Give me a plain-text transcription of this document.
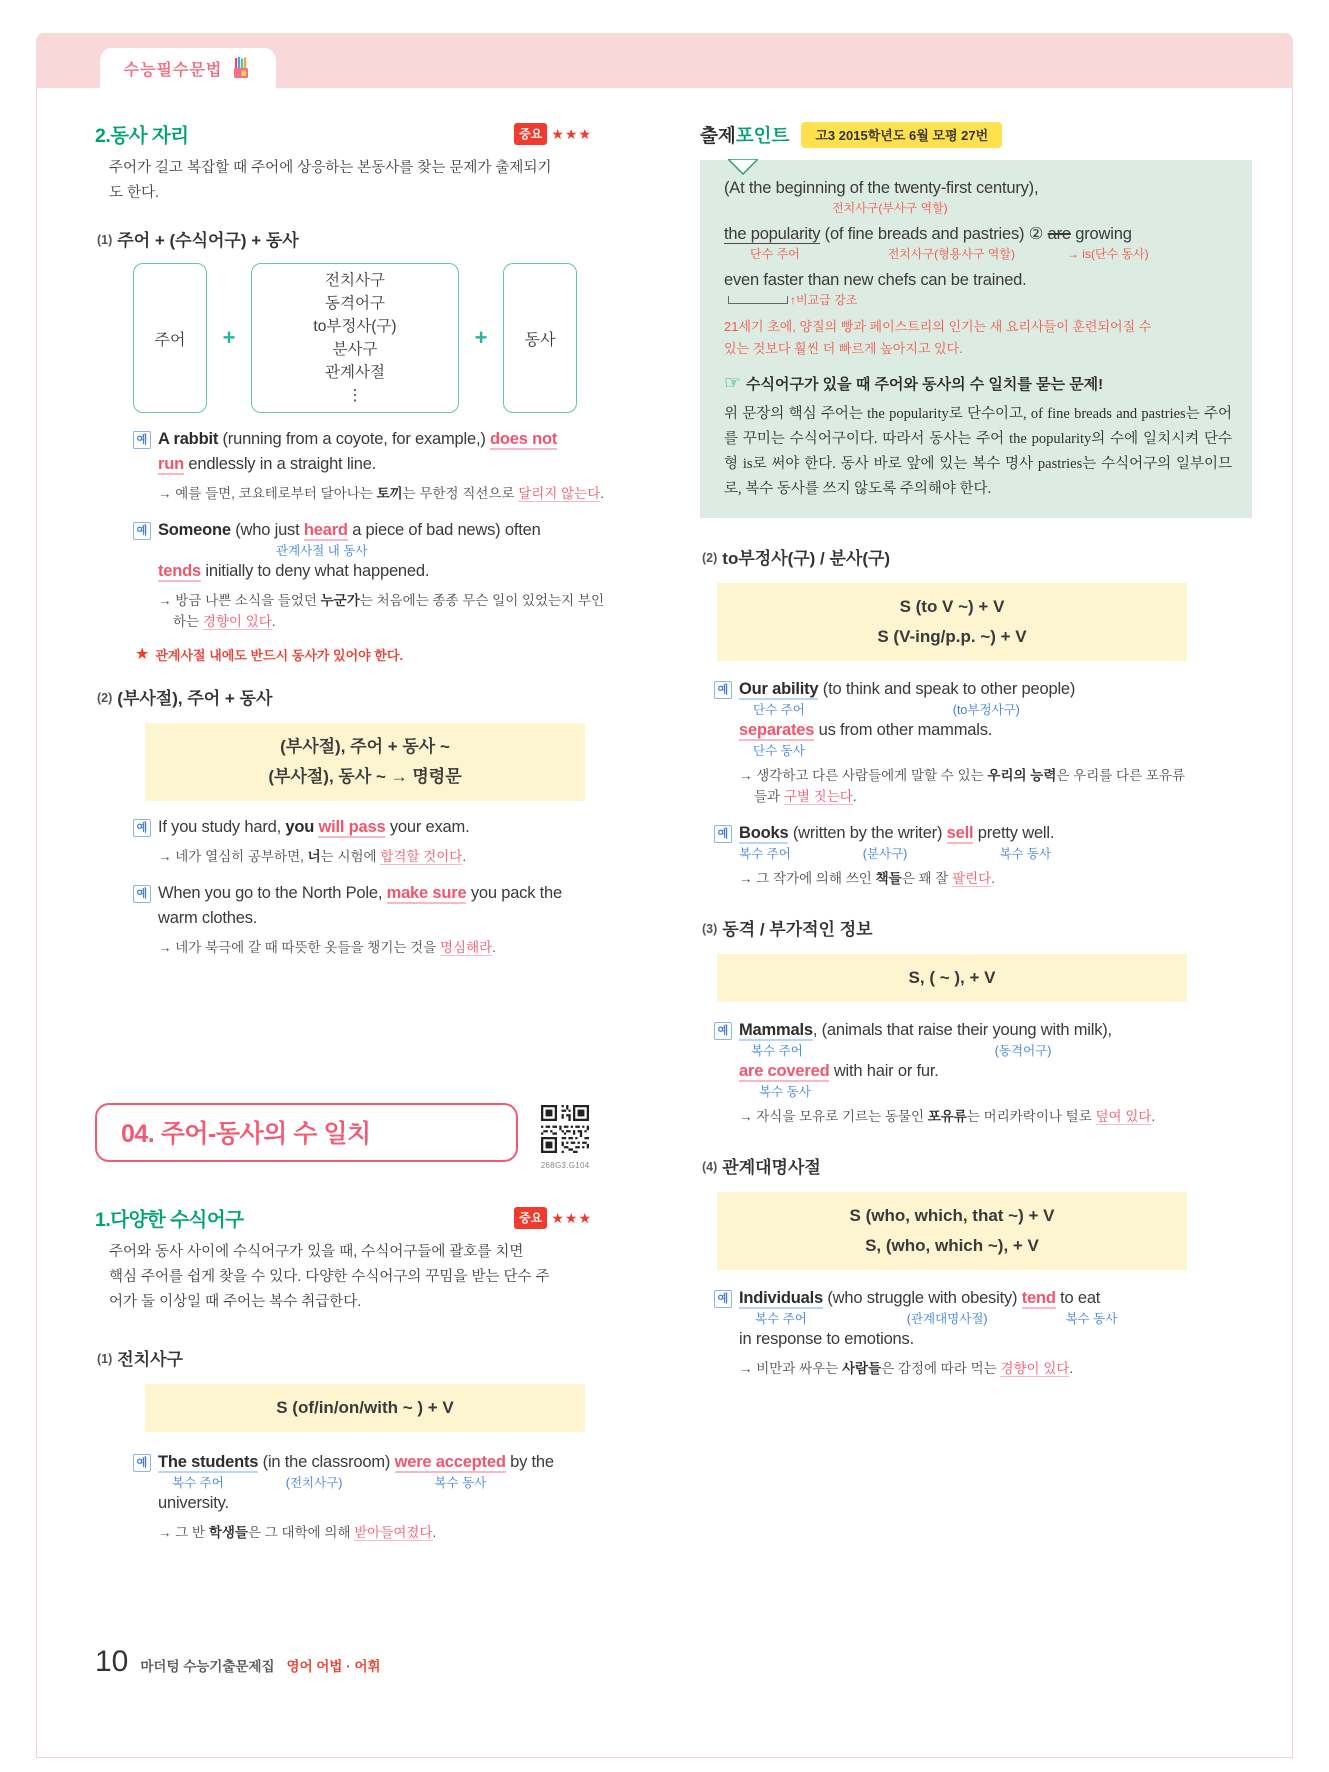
수능필수문법
2.동사 자리	중요 ★★★
주어가 길고 복잡할 때 주어에 상응하는 본동사를 찾는 문제가 출제되기
도 한다.
(1) 주어 + (수식어구) + 동사
주어	+
전치사구
동격어구
to부정사(구)
분사구
관계사절
⋮
+	동사
예 A rabbit (running from a coyote, for example,) does not
run endlessly in a straight line.
→ 예를 들면, 코요테로부터 달아나는 토끼는 무한정 직선으로 달리지 않는다.
예 Someone (who just heard a piece of bad news) often
관계사절 내 동사
tends initially to deny what happened.
→ 방금 나쁜 소식을 들었던 누군가는 처음에는 종종 무슨 일이 있었는지 부인
하는 경향이 있다.
★ 관계사절 내에도 반드시 동사가 있어야 한다.
(2) (부사절), 주어 + 동사
(부사절), 주어 + 동사 ~
(부사절), 동사 ~ → 명령문
예 If you study hard, you will pass your exam.
→ 네가 열심히 공부하면, 너는 시험에 합격할 것이다.
예 When you go to the North Pole, make sure you pack the
warm clothes.
→ 네가 북극에 갈 때 따뜻한 옷들을 챙기는 것을 명심해라.
04. 주어-동사의 수 일치
268G3.G104
1.다양한 수식어구	중요 ★★★
주어와 동사 사이에 수식어구가 있을 때, 수식어구들에 괄호를 치면
핵심 주어를 쉽게 찾을 수 있다. 다양한 수식어구의 꾸밈을 받는 단수 주
어가 둘 이상일 때 주어는 복수 취급한다.
(1) 전치사구
S (of/in/on/with ~ ) + V
예 The students (in the classroom) were accepted by the
복수 주어	(전치사구)	복수 동사
university.
→ 그 반 학생들은 그 대학에 의해 받아들여졌다.
출제포인트	고3 2015학년도 6월 모평 27번
(At the beginning of the twenty-first century),
전치사구(부사구 역할)
the popularity (of fine breads and pastries) ② are growing
단수 주어	전치사구(형용사구 역할)	→ is(단수 동사)
even faster than new chefs can be trained.
↑비교급 강조
21세기 초에, 양질의 빵과 페이스트리의 인기는 새 요리사들이 훈련되어질 수
있는 것보다 훨씬 더 빠르게 높아지고 있다.
☞ 수식어구가 있을 때 주어와 동사의 수 일치를 묻는 문제!
위 문장의 핵심 주어는 the popularity로 단수이고, of fine breads and pastries는 주어를 꾸미는 수식어구이다. 따라서 동사는 주어 the popularity의 수에 일치시켜 단수형 is로 써야 한다. 동사 바로 앞에 있는 복수 명사 pastries는 수식어구의 일부이므로, 복수 동사를 쓰지 않도록 주의해야 한다.
(2) to부정사(구) / 분사(구)
S (to V ~) + V
S (V-ing/p.p. ~) + V
예 Our ability (to think and speak to other people)
단수 주어	(to부정사구)
separates us from other mammals.
단수 동사
→ 생각하고 다른 사람들에게 말할 수 있는 우리의 능력은 우리를 다른 포유류
들과 구별 짓는다.
예 Books (written by the writer) sell pretty well.
복수 주어	(분사구)	복수 동사
→ 그 작가에 의해 쓰인 책들은 꽤 잘 팔린다.
(3) 동격 / 부가적인 정보
S, ( ~ ), + V
예 Mammals, (animals that raise their young with milk),
복수 주어	(동격어구)
are covered with hair or fur.
복수 동사
→ 자식을 모유로 기르는 동물인 포유류는 머리카락이나 털로 덮여 있다.
(4) 관계대명사절
S (who, which, that ~) + V
S, (who, which ~), + V
예 Individuals (who struggle with obesity) tend to eat
복수 주어	(관계대명사절)	복수 동사
in response to emotions.
→ 비만과 싸우는 사람들은 감정에 따라 먹는 경향이 있다.
10 마더텅 수능기출문제집 영어 어법 · 어휘
